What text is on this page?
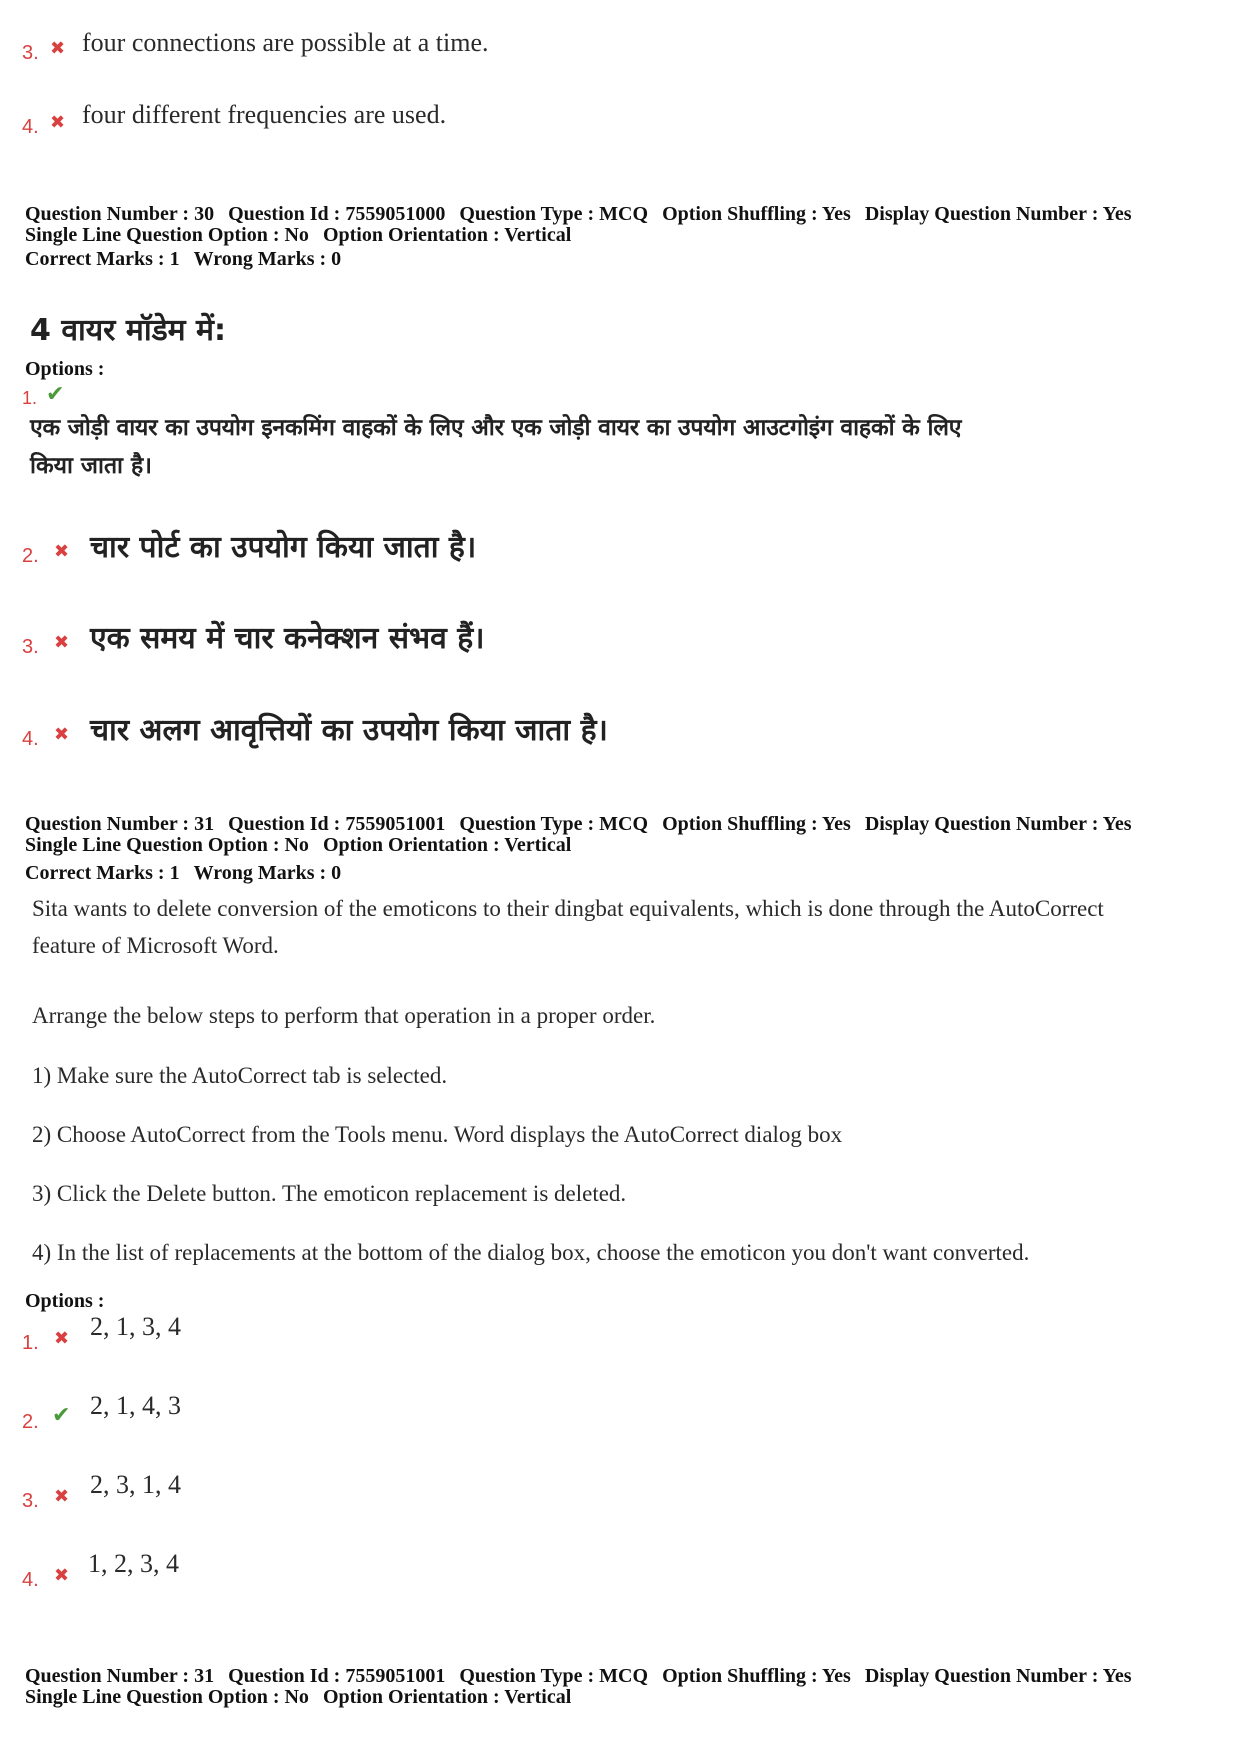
3. ✖ four connections are possible at a time.
4. ✖ four different frequencies are used.
Question Number : 30 Question Id : 7559051000 Question Type : MCQ Option Shuffling : Yes Display Question Number : Yes
Single Line Question Option : No Option Orientation : Vertical
Correct Marks : 1 Wrong Marks : 0
4 वायर मॉडेम में:
Options :
1. ✔
एक जोड़ी वायर का उपयोग इनकमिंग वाहकों के लिए और एक जोड़ी वायर का उपयोग आउटगोइंग वाहकों के लिए
किया जाता है।
2. ✖ चार पोर्ट का उपयोग किया जाता है।
3. ✖ एक समय में चार कनेक्शन संभव हैं।
4. ✖ चार अलग आवृत्तियों का उपयोग किया जाता है।
Question Number : 31 Question Id : 7559051001 Question Type : MCQ Option Shuffling : Yes Display Question Number : Yes
Single Line Question Option : No Option Orientation : Vertical
Correct Marks : 1 Wrong Marks : 0
Sita wants to delete conversion of the emoticons to their dingbat equivalents, which is done through the AutoCorrect
feature of Microsoft Word.
Arrange the below steps to perform that operation in a proper order.
1) Make sure the AutoCorrect tab is selected.
2) Choose AutoCorrect from the Tools menu. Word displays the AutoCorrect dialog box
3) Click the Delete button. The emoticon replacement is deleted.
4) In the list of replacements at the bottom of the dialog box, choose the emoticon you don't want converted.
Options :
1. ✖ 2, 1, 3, 4
2. ✔ 2, 1, 4, 3
3. ✖ 2, 3, 1, 4
4. ✖ 1, 2, 3, 4
Question Number : 31 Question Id : 7559051001 Question Type : MCQ Option Shuffling : Yes Display Question Number : Yes
Single Line Question Option : No Option Orientation : Vertical
